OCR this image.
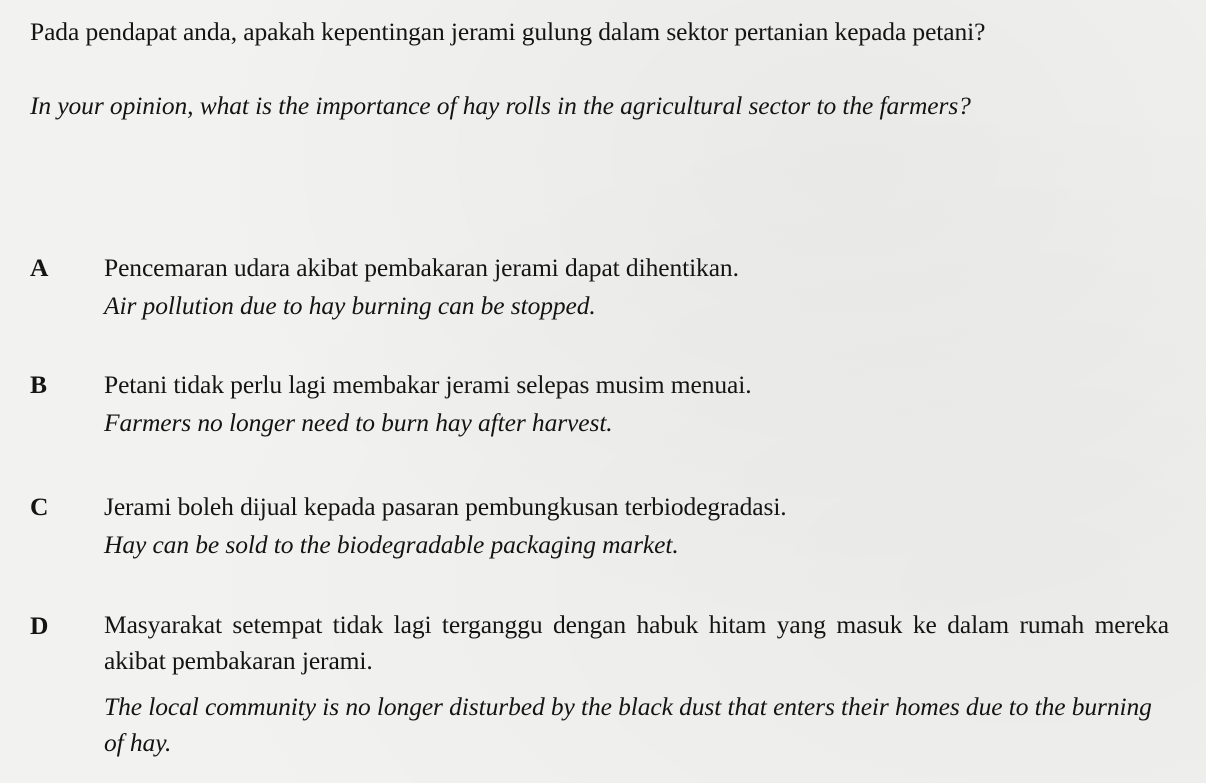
Pada pendapat anda, apakah kepentingan jerami gulung dalam sektor pertanian kepada petani?

In your opinion, what is the importance of hay rolls in the agricultural sector to the farmers?

A Pencemaran udara akibat pembakaran jerami dapat dihentikan.

Air pollution due to hay burning can be stopped.

B Petani tidak perlu lagi membakar jerami selepas musim menuai.

Farmers no longer need to burn hay after harvest.

C Jerami boleh dijual kepada pasaran pembungkusan terbiodegradasi.

Hay can be sold to the biodegradable packaging market.

D Masyarakat setempat tidak lagi terganggu dengan habuk hitam yang masuk ke dalam rumah mereka akibat pembakaran jerami.

The local community is no longer disturbed by the black dust that enters their homes due to the burning of hay.
